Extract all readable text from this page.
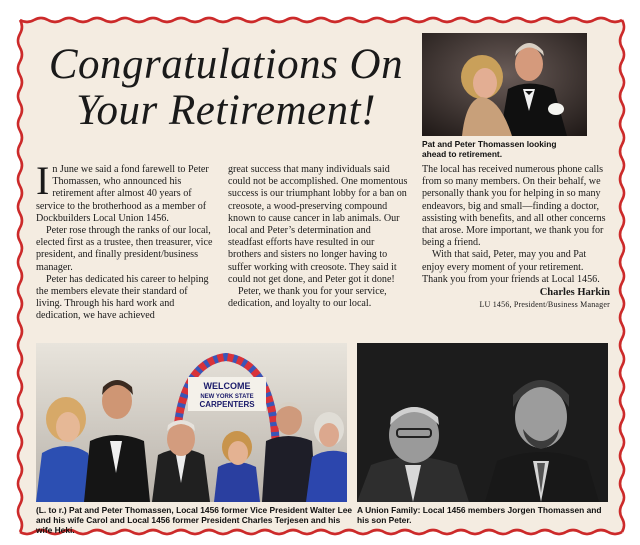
Congratulations On
Your Retirement!
Pat and Peter Thomassen looking ahead to retirement.

In June we said a fond farewell to Peter Thomassen, who announced his retirement after almost 40 years of service to the brotherhood as a member of Dockbuilders Local Union 1456.

Peter rose through the ranks of our local, elected first as a trustee, then treasurer, vice president, and finally president/business manager.

Peter has dedicated his career to helping the members elevate their standard of living. Through his hard work and dedication, we have achieved

great success that many individuals said could not be accomplished. One momentous success is our triumphant lobby for a ban on creosote, a wood-preserving compound known to cause cancer in lab animals. Our local and Peter’s determination and steadfast efforts have resulted in our brothers and sisters no longer having to suffer working with creosote. They said it could not get done, and Peter got it done!

Peter, we thank you for your service, dedication, and loyalty to our local.

The local has received numerous phone calls from so many members. On their behalf, we personally thank you for helping in so many endeavors, big and small—finding a doctor, assisting with benefits, and all other concerns that arose. More important, we thank you for being a friend.

With that said, Peter, may you and Pat enjoy every moment of your retirement. Thank you from your friends at Local 1456.

Charles Harkin
LU 1456, President/Business Manager
WELCOME
NEW YORK STATE
CARPENTERS
(L. to r.) Pat and Peter Thomassen, Local 1456 former Vice President Walter Lee and his wife Carol and Local 1456 former President Charles Terjesen and his wife Heki.
A Union Family: Local 1456 members Jorgen Thomassen and his son Peter.
